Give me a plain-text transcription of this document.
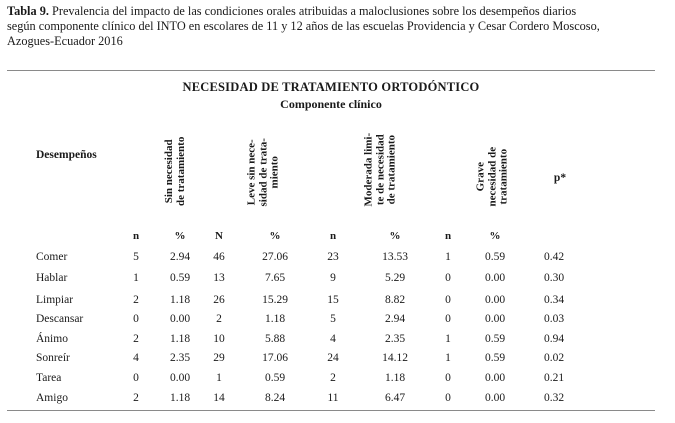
Tabla 9. Prevalencia del impacto de las condiciones orales atribuidas a maloclusiones sobre los desempeños diarios
según componente clínico del INTO en escolares de 11 y 12 años de las escuelas Providencia y Cesar Cordero Moscoso,
Azogues-Ecuador 2016
NECESIDAD DE TRATAMIENTO ORTODÓNTICO
Componente clínico
Desempeños	Sin necesidad de tratamiento	Leve sin nece- sidad de trata- miento	Moderada limi- te de necesidad de tratamiento	Grave necesidad de tratamiento	p*
n	%	N	%	n	%	n	%
Comer	5	2.94	46	27.06	23	13.53	1	0.59	0.42
Hablar	1	0.59	13	7.65	9	5.29	0	0.00	0.30
Limpiar	2	1.18	26	15.29	15	8.82	0	0.00	0.34
Descansar	0	0.00	2	1.18	5	2.94	0	0.00	0.03
Ánimo	2	1.18	10	5.88	4	2.35	1	0.59	0.94
Sonreír	4	2.35	29	17.06	24	14.12	1	0.59	0.02
Tarea	0	0.00	1	0.59	2	1.18	0	0.00	0.21
Amigo	2	1.18	14	8.24	11	6.47	0	0.00	0.32
